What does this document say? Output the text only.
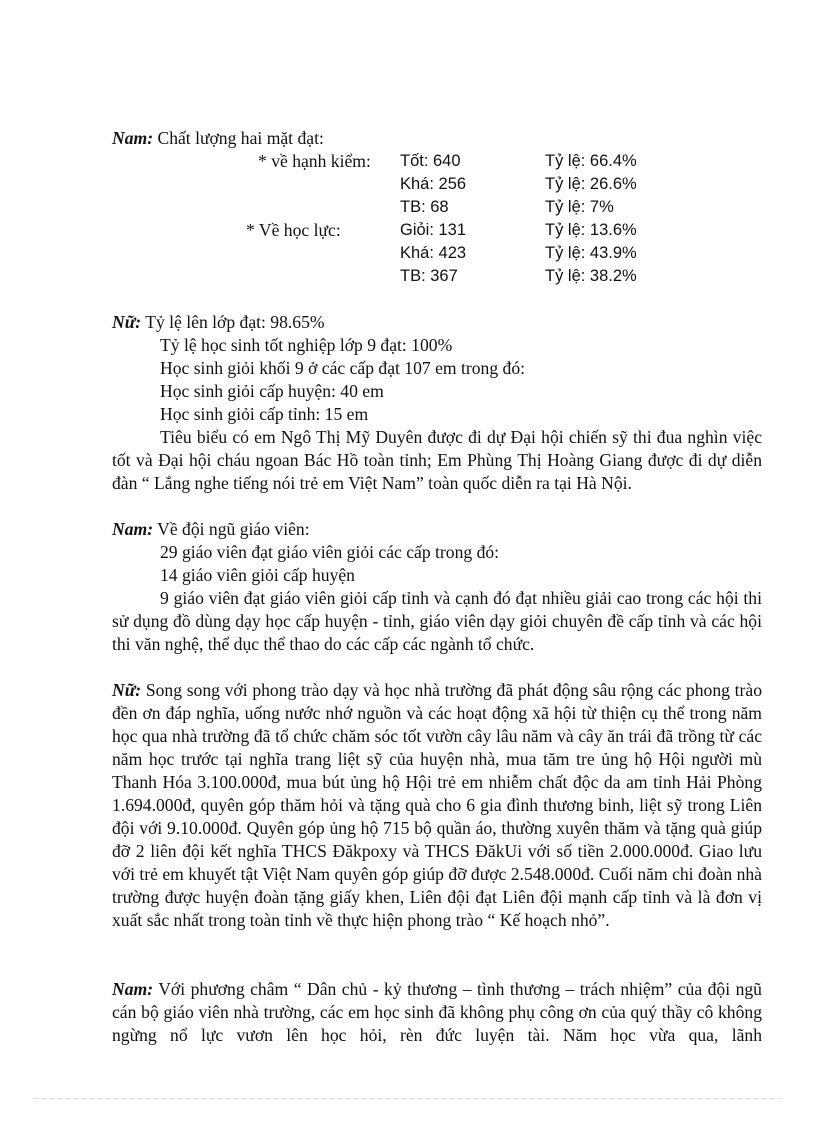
Nam: Chất lượng hai mặt đạt:
* về hạnh kiểm: Tốt: 640	Tỷ lệ: 66.4%
Khá: 256	Tỷ lệ: 26.6%
TB: 68	Tỷ lệ: 7%
* Về học lực:	Giỏi: 131	Tỷ lệ: 13.6%
Khá: 423	Tỷ lệ: 43.9%
TB: 367	Tỷ lệ: 38.2%

Nữ: Tỷ lệ lên lớp đạt: 98.65%

Tỷ lệ học sinh tốt nghiệp lớp 9 đạt: 100%

Học sinh giỏi khối 9 ở các cấp đạt 107 em trong đó:

Học sinh giỏi cấp huyện: 40 em

Học sinh giỏi cấp tỉnh: 15 em

Tiêu biểu có em Ngô Thị Mỹ Duyên được đi dự Đại hội chiến sỹ thi đua nghìn việc tốt và Đại hội cháu ngoan Bác Hồ toàn tỉnh; Em Phùng Thị Hoàng Giang được đi dự diễn đàn “ Lắng nghe tiếng nói trẻ em Việt Nam” toàn quốc diễn ra tại Hà Nội.

Nam: Về đội ngũ giáo viên:

29 giáo viên đạt giáo viên giỏi các cấp trong đó:

14 giáo viên giỏi cấp huyện

9 giáo viên đạt giáo viên giỏi cấp tỉnh và cạnh đó đạt nhiều giải cao trong các hội thi sử dụng đồ dùng dạy học cấp huyện - tỉnh, giáo viên dạy giỏi chuyên đề cấp tỉnh và các hội thi văn nghệ, thể dục thể thao do các cấp các ngành tổ chức.

Nữ: Song song với phong trào dạy và học nhà trường đã phát động sâu rộng các phong trào đền ơn đáp nghĩa, uống nước nhớ nguồn và các hoạt động xã hội từ thiện cụ thể trong năm học qua nhà trường đã tổ chức chăm sóc tốt vườn cây lâu năm và cây ăn trái đã trồng từ các năm học trước tại nghĩa trang liệt sỹ của huyện nhà, mua tăm tre ủng hộ Hội người mù Thanh Hóa 3.100.000đ, mua bút ủng hộ Hội trẻ em nhiễm chất độc da am tỉnh Hải Phòng 1.694.000đ, quyên góp thăm hỏi và tặng quà cho 6 gia đình thương binh, liệt sỹ trong Liên đội với 9.10.000đ. Quyên góp ủng hộ 715 bộ quần áo, thường xuyên thăm và tặng quà giúp đỡ 2 liên đội kết nghĩa THCS Đăkpoxy và THCS ĐăkUi với số tiền 2.000.000đ. Giao lưu với trẻ em khuyết tật Việt Nam quyên góp giúp đỡ được 2.548.000đ. Cuối năm chi đoàn nhà trường được huyện đoàn tặng giấy khen, Liên đội đạt Liên đội mạnh cấp tỉnh và là đơn vị xuất sắc nhất trong toàn tỉnh về thực hiện phong trào “ Kế hoạch nhỏ”.

Nam: Với phương châm “ Dân chủ - kỷ thương – tình thương – trách nhiệm” của đội ngũ cán bộ giáo viên nhà trường, các em học sinh đã không phụ công ơn của quý thầy cô không ngừng nổ lực vươn lên học hỏi, rèn đức luyện tài. Năm học vừa qua, lãnh
